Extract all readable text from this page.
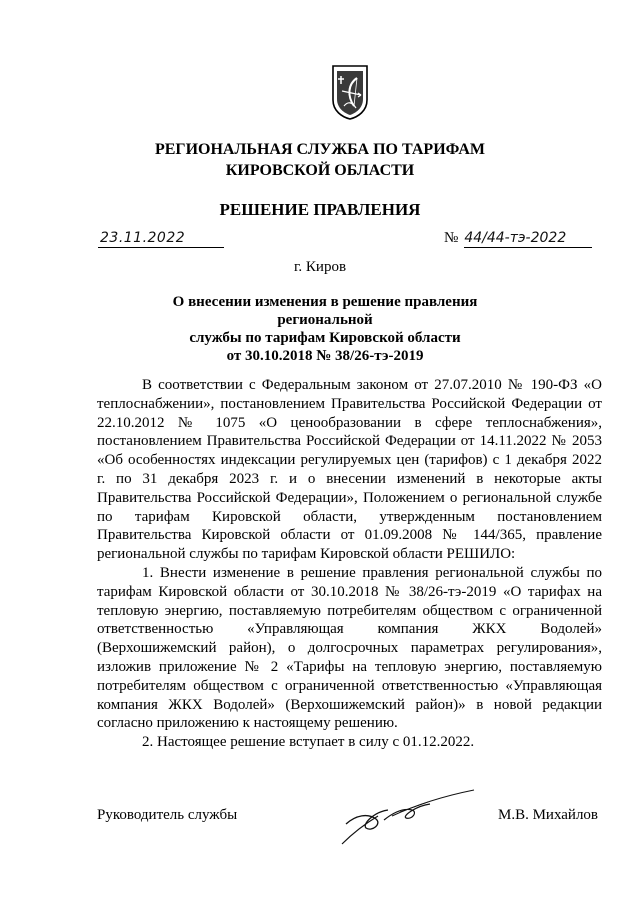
РЕГИОНАЛЬНАЯ СЛУЖБА ПО ТАРИФАМ
КИРОВСКОЙ ОБЛАСТИ
РЕШЕНИЕ ПРАВЛЕНИЯ
23.11.2022	№ 44/44-тэ-2022
г. Киров
О внесении изменения в решение правления региональной
службы по тарифам Кировской области
от 30.10.2018 № 38/26-тэ-2019

В соответствии с Федеральным законом от 27.07.2010 № 190-ФЗ «О теплоснабжении», постановлением Правительства Российской Федерации от 22.10.2012 № 1075 «О ценообразовании в сфере теплоснабжения», постановлением Правительства Российской Федерации от 14.11.2022 № 2053 «Об особенностях индексации регулируемых цен (тарифов) с 1 декабря 2022 г. по 31 декабря 2023 г. и о внесении изменений в некоторые акты Правительства Российской Федерации», Положением о региональной службе по тарифам Кировской области, утвержденным постановлением Правительства Кировской области от 01.09.2008 № 144/365, правление региональной службы по тарифам Кировской области РЕШИЛО:

1. Внести изменение в решение правления региональной службы по тарифам Кировской области от 30.10.2018 № 38/26-тэ-2019 «О тарифах на тепловую энергию, поставляемую потребителям обществом с ограниченной ответственностью «Управляющая компания ЖКХ Водолей» (Верхошижемский район), о долгосрочных параметрах регулирования», изложив приложение № 2 «Тарифы на тепловую энергию, поставляемую потребителям обществом с ограниченной ответственностью «Управляющая компания ЖКХ Водолей» (Верхошижемский район)» в новой редакции согласно приложению к настоящему решению.

2. Настоящее решение вступает в силу с 01.12.2022.

Руководитель службы	М.В. Михайлов
